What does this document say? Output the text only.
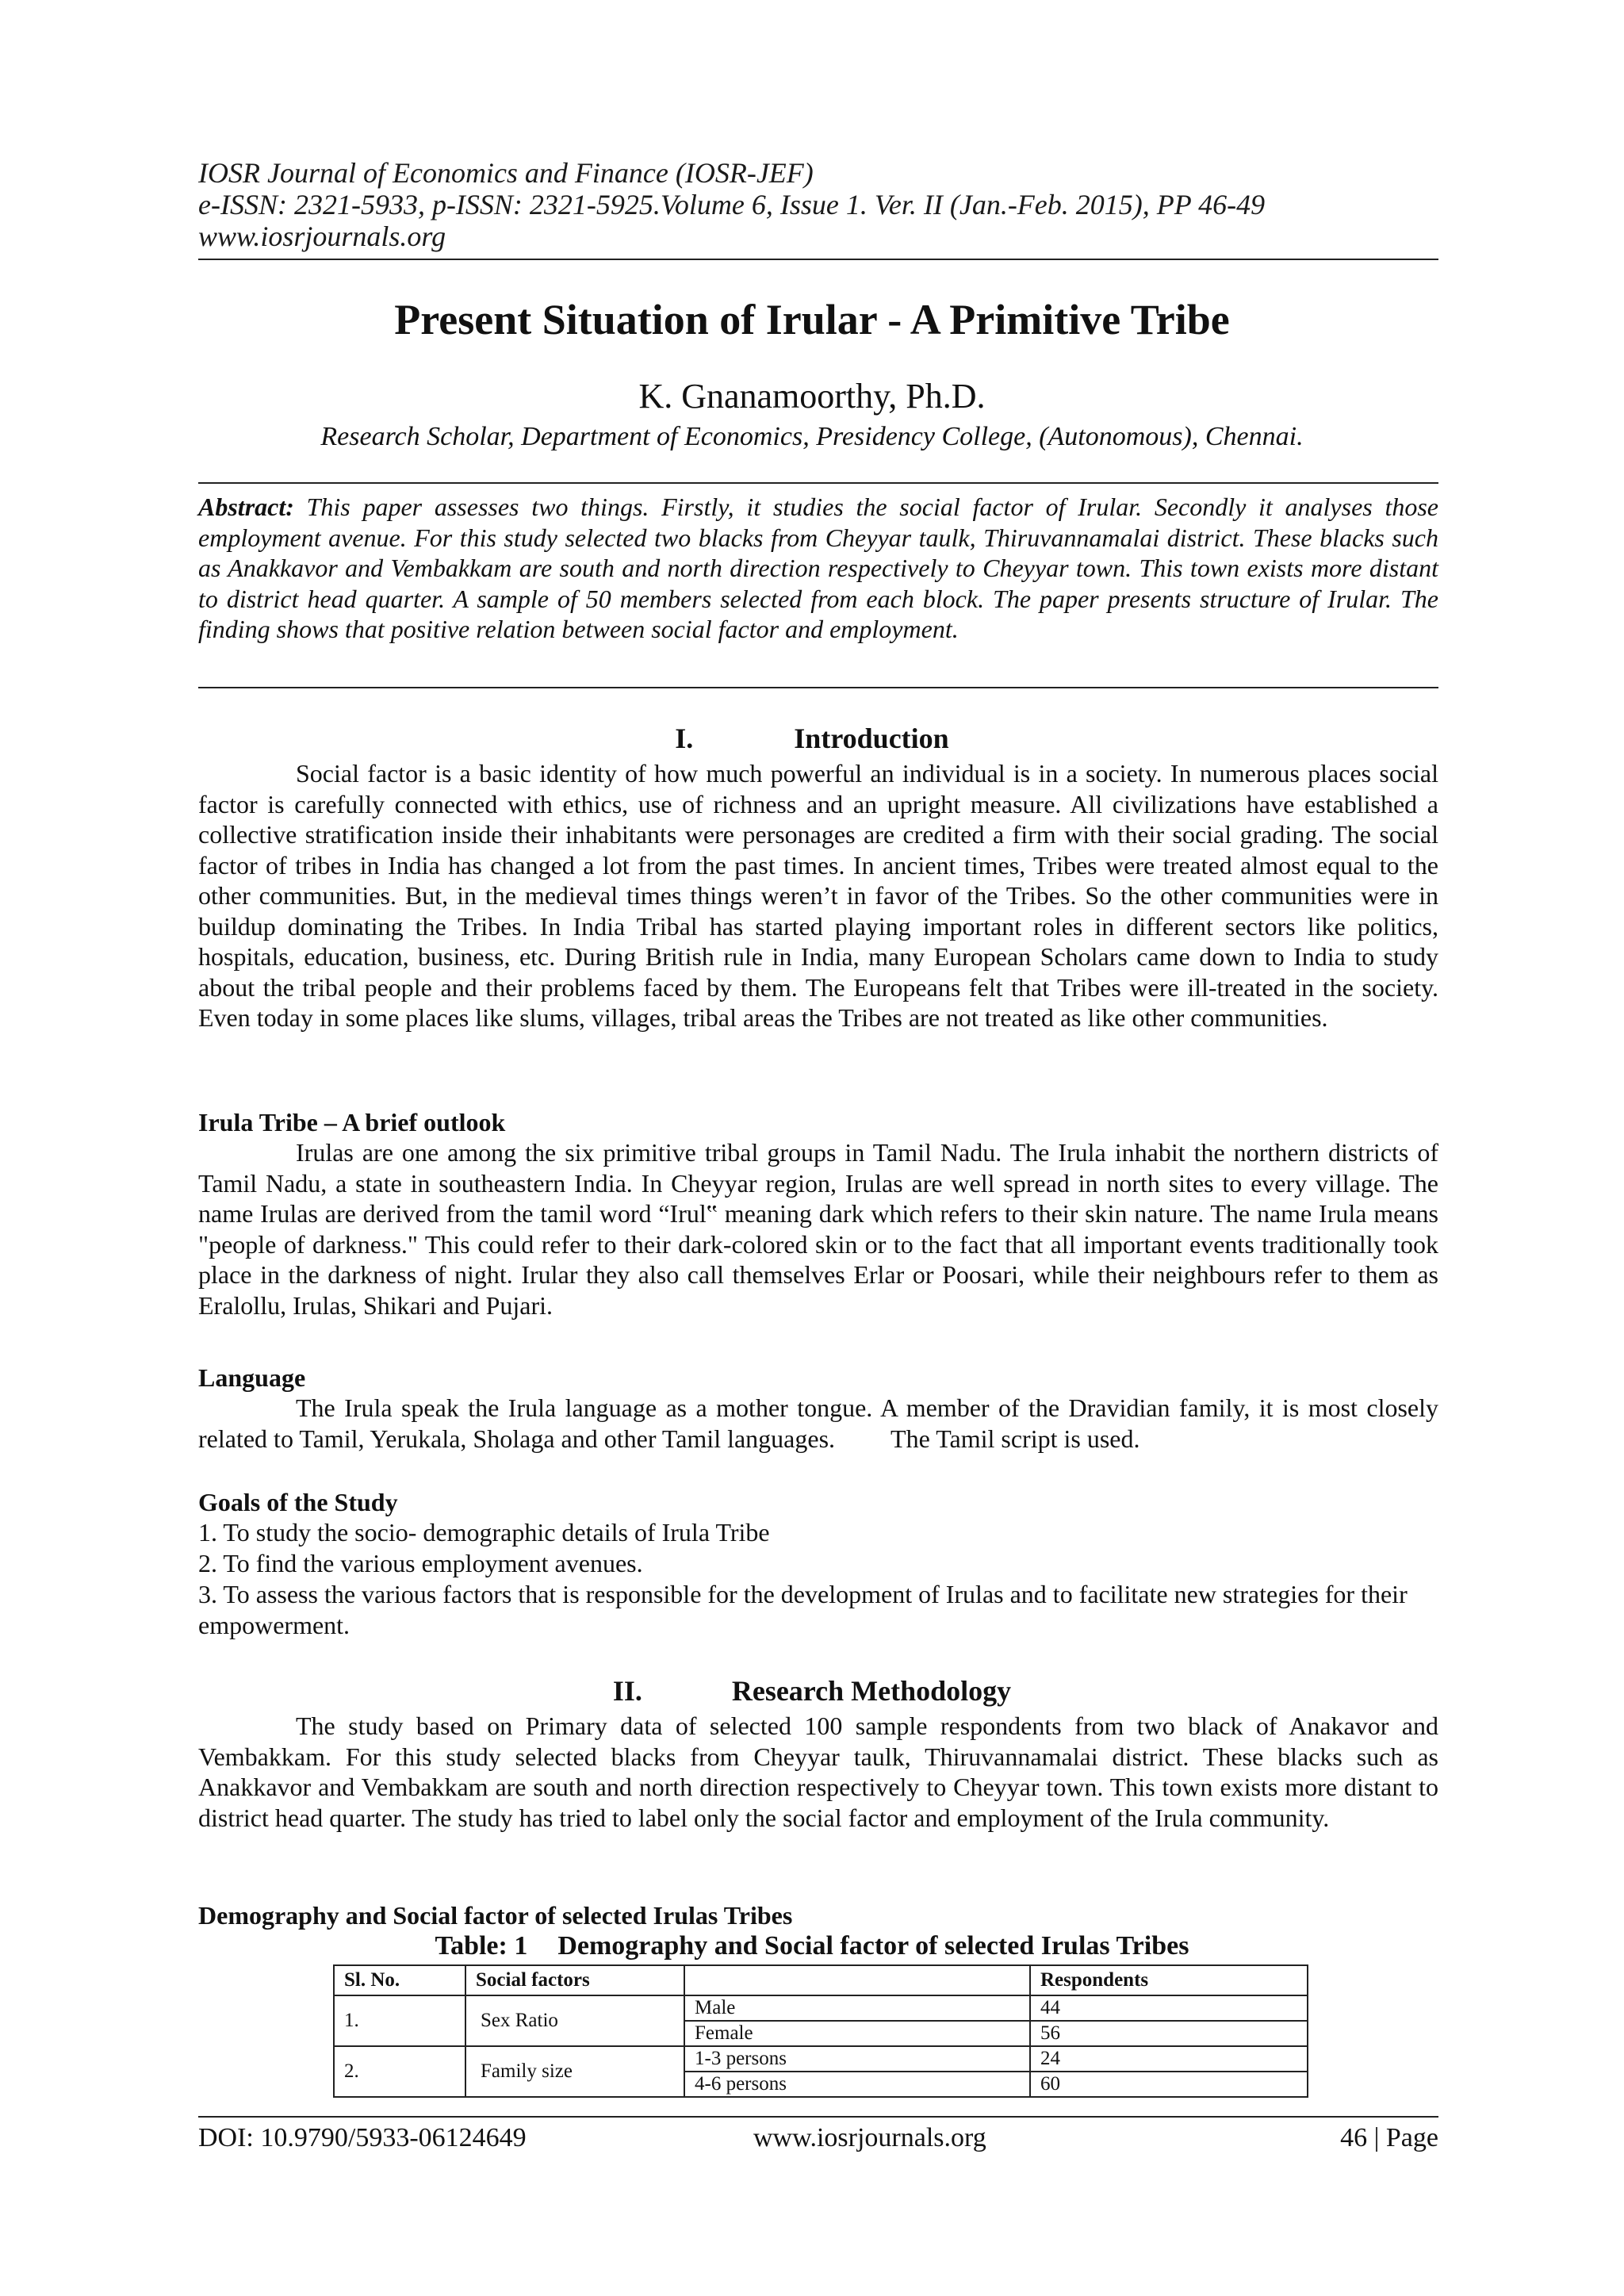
IOSR Journal of Economics and Finance (IOSR-JEF)
e-ISSN: 2321-5933, p-ISSN: 2321-5925.Volume 6, Issue 1. Ver. II (Jan.-Feb. 2015), PP 46-49
www.iosrjournals.org
Present Situation of Irular - A Primitive Tribe
K. Gnanamoorthy, Ph.D.
Research Scholar, Department of Economics, Presidency College, (Autonomous), Chennai.
Abstract: This paper assesses two things. Firstly, it studies the social factor of Irular. Secondly it analyses those employment avenue. For this study selected two blacks from Cheyyar taulk, Thiruvannamalai district. These blacks such as Anakkavor and Vembakkam are south and north direction respectively to Cheyyar town. This town exists more distant to district head quarter. A sample of 50 members selected from each block. The paper presents structure of Irular. The finding shows that positive relation between social factor and employment.
I.	Introduction
Social factor is a basic identity of how much powerful an individual is in a society. In numerous places social factor is carefully connected with ethics, use of richness and an upright measure. All civilizations have established a collective stratification inside their inhabitants were personages are credited a firm with their social grading. The social factor of tribes in India has changed a lot from the past times. In ancient times, Tribes were treated almost equal to the other communities. But, in the medieval times things weren’t in favor of the Tribes. So the other communities were in buildup dominating the Tribes. In India Tribal has started playing important roles in different sectors like politics, hospitals, education, business, etc. During British rule in India, many European Scholars came down to India to study about the tribal people and their problems faced by them. The Europeans felt that Tribes were ill-treated in the society. Even today in some places like slums, villages, tribal areas the Tribes are not treated as like other communities.
Irula Tribe – A brief outlook
Irulas are one among the six primitive tribal groups in Tamil Nadu. The Irula inhabit the northern districts of Tamil Nadu, a state in southeastern India. In Cheyyar region, Irulas are well spread in north sites to every village. The name Irulas are derived from the tamil word “Irul‟ meaning dark which refers to their skin nature. The name Irula means "people of darkness." This could refer to their dark-colored skin or to the fact that all important events traditionally took place in the darkness of night. Irular they also call themselves Erlar or Poosari, while their neighbours refer to them as Eralollu, Irulas, Shikari and Pujari.
Language
The Irula speak the Irula language as a mother tongue. A member of the Dravidian family, it is most closely related to Tamil, Yerukala, Sholaga and other Tamil languages. The Tamil script is used.
Goals of the Study
1. To study the socio- demographic details of Irula Tribe
2. To find the various employment avenues.
3. To assess the various factors that is responsible for the development of Irulas and to facilitate new strategies for their empowerment.
II.	Research Methodology
The study based on Primary data of selected 100 sample respondents from two black of Anakavor and Vembakkam. For this study selected blacks from Cheyyar taulk, Thiruvannamalai district. These blacks such as Anakkavor and Vembakkam are south and north direction respectively to Cheyyar town. This town exists more distant to district head quarter. The study has tried to label only the social factor and employment of the Irula community.
Demography and Social factor of selected Irulas Tribes
Table: 1 Demography and Social factor of selected Irulas Tribes
Sl. No.	Social factors		Respondents
1.	Sex Ratio	Male	44
		Female	56
2.	Family size	1-3 persons	24
		4-6 persons	60
DOI: 10.9790/5933-06124649	www.iosrjournals.org	46 | Page
